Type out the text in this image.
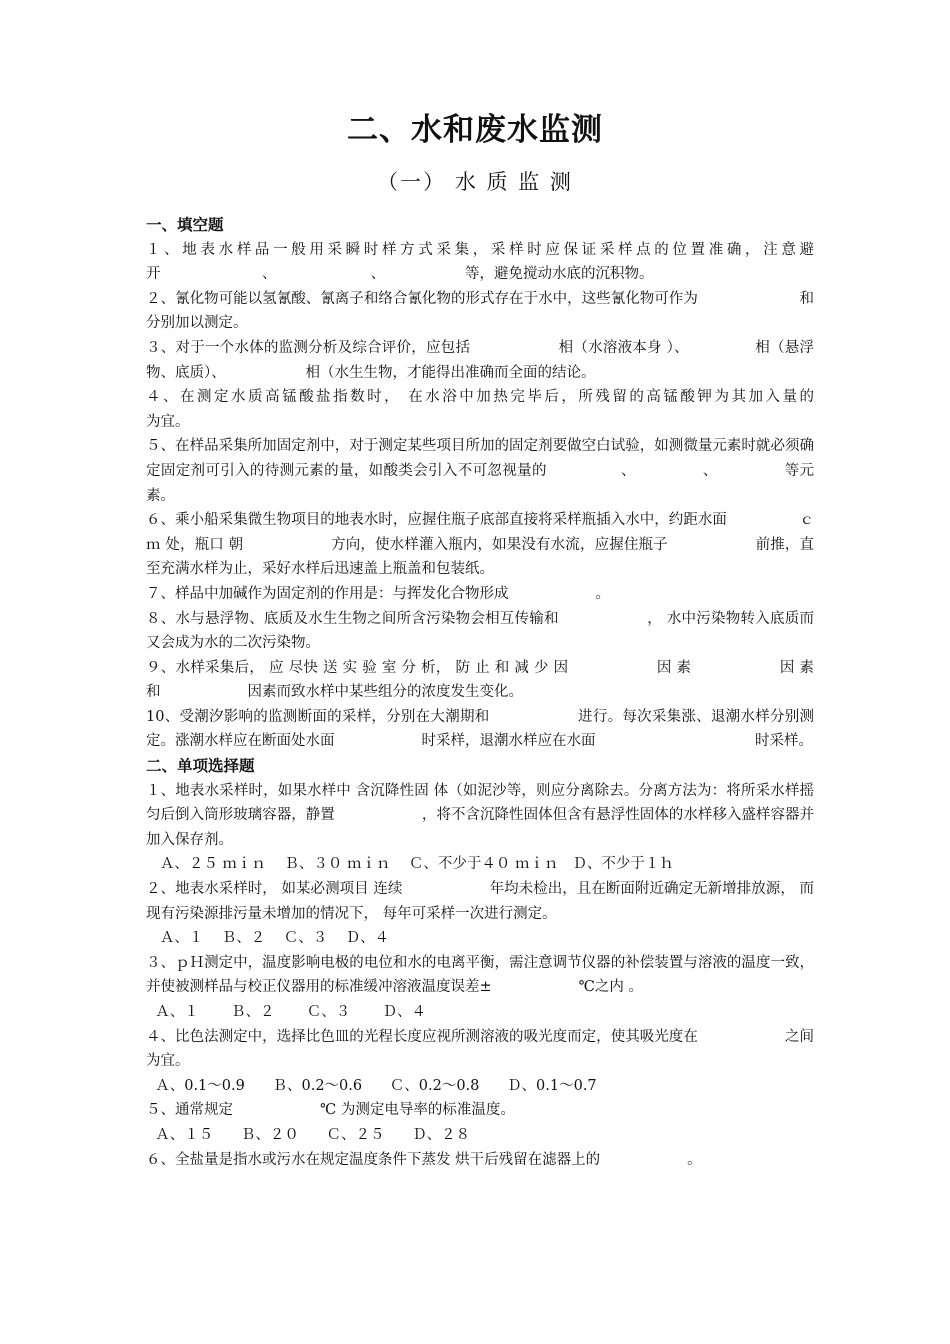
二、水和废水监测
（一） 水 质 监 测

一、填空题

１、地表水样品一般用采瞬时样方式采集，采样时应保证采样点的位置准确，注意避开　　　　　　　、　　　　　　　、　　　　　　等，避免搅动水底的沉积物。

２、氰化物可能以氢氰酸、氰离子和络合氰化物的形式存在于水中，这些氰化物可作为　　　　　　　和　　　　　　　分别加以测定。

３、对于一个水体的监测分析及综合评价，应包括　　　　　　相（水溶液本身 ）、　　　　　相（悬浮物、底质）、　　　　　　相（水生生物，才能得出准确而全面的结论。

４、在测定水质高锰酸盐指数时， 在水浴中加热完毕后，所残留的高锰酸钾为其加入量的　　　　　　为宜。

５、在样品采集所加固定剂中，对于测定某些项目所加的固定剂要做空白试验，如测微量元素时就必须确定固定剂可引入的待测元素的量，如酸类会引入不可忽视量的　　　　　、　　　　　、　　　　　等元素。

６、乘小船采集微生物项目的地表水时，应握住瓶子底部直接将采样瓶插入水中，约距水面　　　　　ｃｍ 处，瓶口 朝　　　　　　方向，使水样灌入瓶内，如果没有水流，应握住瓶子　　　　　　前推，直至充满水样为止，采好水样后迅速盖上瓶盖和包装纸。

７、样品中加碱作为固定剂的作用是：与挥发化合物形成　　　　　　。

８、水与悬浮物、底质及水生生物之间所含污染物会相互传输和　　　　　　， 水中污染物转入底质而　　　　　　又会成为水的二次污染物。

９、水样采集后， 应 尽快 送 实 验 室 分 析， 防 止 和 减 少 因　　　　　　因 素　　　　　　因 素 和　　　　　　因素而致水样中某些组分的浓度发生变化。

10、受潮汐影响的监测断面的采样，分别在大潮期和　　　　　　进行。每次采集涨、退潮水样分别测定。涨潮水样应在断面处水面　　　　　　时采样，退潮水样应在水面　　　　　　　　　　　时采样。

二、单项选择题

１、地表水采样时，如果水样中 含沉降性固 体（如泥沙等，则应分离除去。分离方法为：将所采水样摇匀后倒入筒形玻璃容器，静置　　　　　　，将不含沉降性固体但含有悬浮性固体的水样移入盛样容器并加入保存剂。

Ａ、２５ ｍｉｎ    Ｂ、３０ ｍｉｎ    Ｃ、不少于４０ ｍｉｎ   Ｄ、不少于１ｈ

２、地表水采样时， 如某必测项目 连续　　　　　　年均未检出，且在断面附近确定无新增排放源， 而现有污染源排污量未增加的情况下， 每年可采样一次进行测定。

Ａ、１    Ｂ、２    Ｃ、３    Ｄ、４

３、ｐＨ测定中，温度影响电极的电位和水的电离平衡，需注意调节仪器的补偿装置与溶液的温度一致，并使被测样品与校正仪器用的标准缓冲溶液温度误差±　　　　　　℃之内 。

Ａ、１       Ｂ、２       Ｃ、３       Ｄ、４

４、比色法测定中，选择比色皿的光程长度应视所测溶液的吸光度而定，使其吸光度在　　　　　　之间为宜。

Ａ、0.1～0.9      Ｂ、0.2～0.6      Ｃ、0.2～0.8      Ｄ、0.1～0.7

５、通常规定　　　　　　℃ 为测定电导率的标准温度。

Ａ、１５      Ｂ、２０      Ｃ、２５      Ｄ、２８

６、全盐量是指水或污水在规定温度条件下蒸发 烘干后残留在滤器上的　　　　　　。
